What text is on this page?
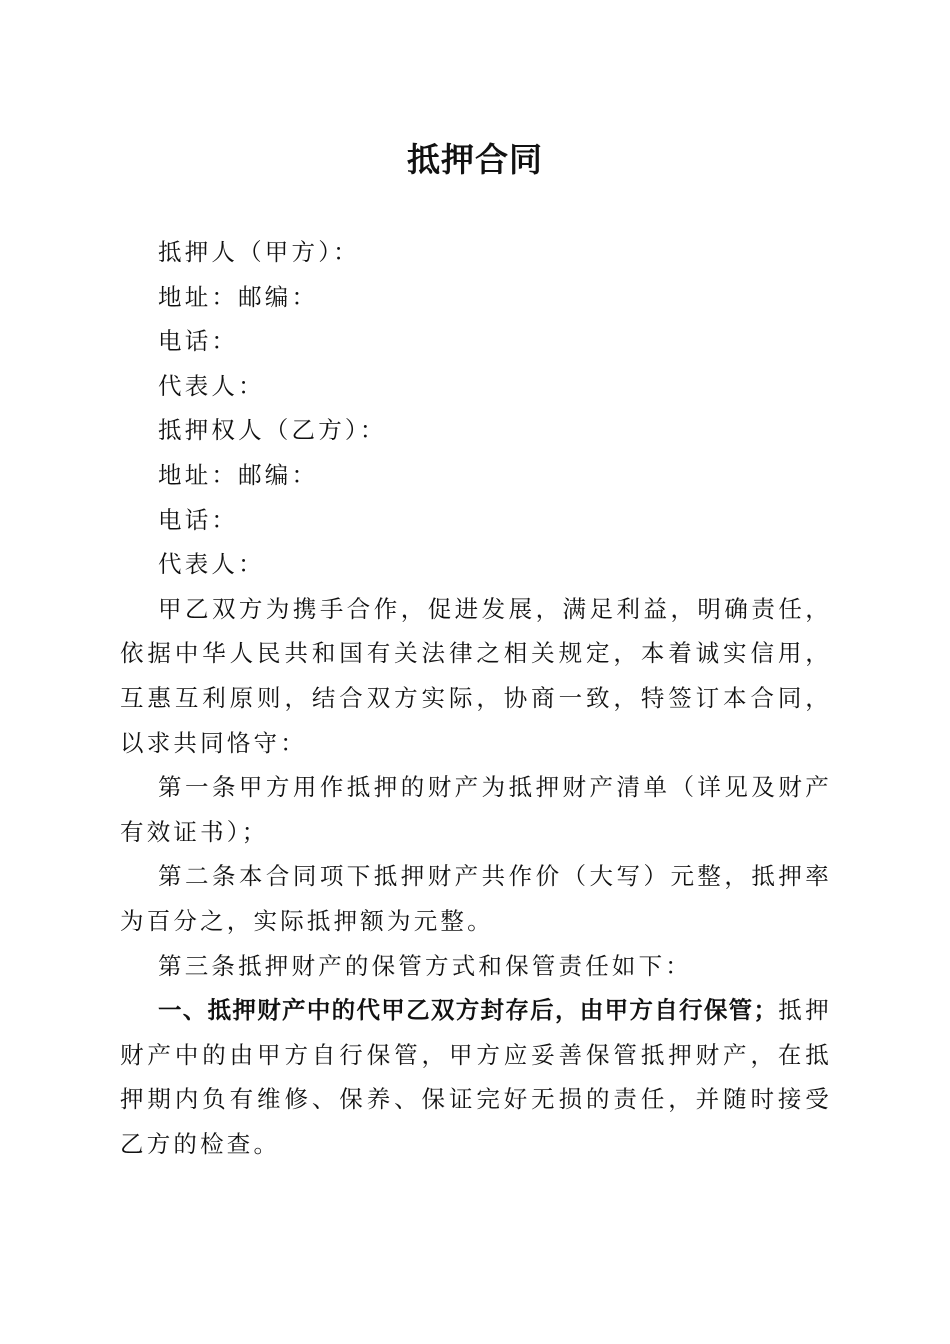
抵押合同

抵押人（甲方）：

地址：邮编：

电话：

代表人：

抵押权人（乙方）：

地址：邮编：

电话：

代表人：

甲乙双方为携手合作，促进发展，满足利益，明确责任，依据中华人民共和国有关法律之相关规定，本着诚实信用，互惠互利原则，结合双方实际，协商一致，特签订本合同，以求共同恪守：

第一条甲方用作抵押的财产为抵押财产清单（详见及财产有效证书）；

第二条本合同项下抵押财产共作价（大写）元整，抵押率为百分之，实际抵押额为元整。

第三条抵押财产的保管方式和保管责任如下：

一、抵押财产中的代甲乙双方封存后，由甲方自行保管；抵押财产中的由甲方自行保管，甲方应妥善保管抵押财产，在抵押期内负有维修、保养、保证完好无损的责任，并随时接受乙方的检查。
